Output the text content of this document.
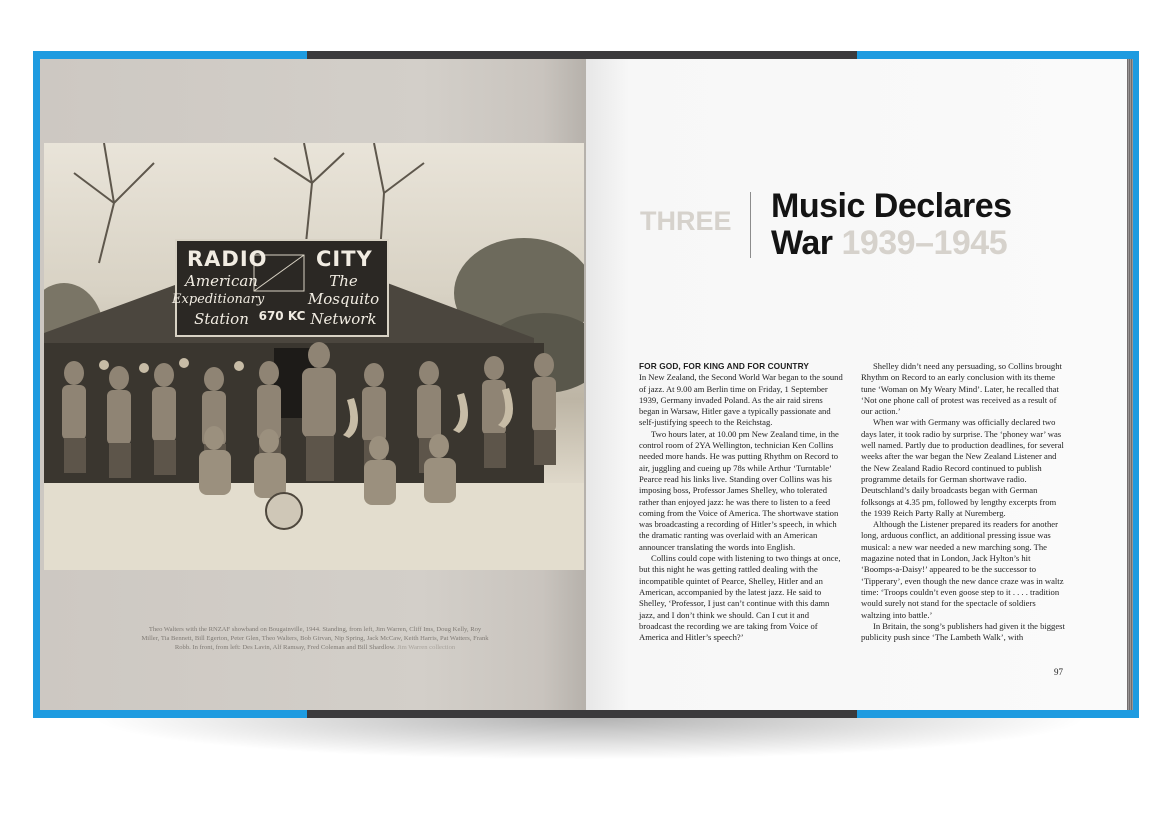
RADIO CITY
American
Expeditionary
Station
The
Mosquito
Network
670 KC
Theo Walters with the RNZAF showband on Bougainville, 1944. Standing, from left, Jim Warren, Cliff Ims, Doug Kelly, Roy Miller, Tia Bennett, Bill Egerton, Peter Glen, Theo Walters, Bob Girvan, Nip Spring, Jack McCaw, Keith Harris, Pat Watters, Frank Robb. In front, from left: Des Lavin, Alf Ramsay, Fred Coleman and Bill Shardlow. Jim Warren collection
THREE Music Declares
War 1939–1945

FOR GOD, FOR KING AND FOR COUNTRY

In New Zealand, the Second World War began to the sound of jazz. At 9.00 am Berlin time on Friday, 1 September 1939, Germany invaded Poland. As the air raid sirens began in Warsaw, Hitler gave a typically passionate and self-justifying speech to the Reichstag.

Two hours later, at 10.00 pm New Zealand time, in the control room of 2YA Wellington, technician Ken Collins needed more hands. He was putting Rhythm on Record to air, juggling and cueing up 78s while Arthur ‘Turntable’ Pearce read his links live. Standing over Collins was his imposing boss, Professor James Shelley, who tolerated rather than enjoyed jazz: he was there to listen to a feed coming from the Voice of America. The shortwave station was broadcasting a recording of Hitler’s speech, in which the dramatic ranting was overlaid with an American announcer translating the words into English.

Collins could cope with listening to two things at once, but this night he was getting rattled dealing with the incompatible quintet of Pearce, Shelley, Hitler and an American, accompanied by the latest jazz. He said to Shelley, ‘Professor, I just can’t continue with this damn jazz, and I don’t think we should. Can I cut it and broadcast the recording we are taking from Voice of America and Hitler’s speech?’

Shelley didn’t need any persuading, so Collins brought Rhythm on Record to an early conclusion with its theme tune ‘Woman on My Weary Mind’. Later, he recalled that ‘Not one phone call of protest was received as a result of our action.’

When war with Germany was officially declared two days later, it took radio by surprise. The ‘phoney war’ was well named. Partly due to production deadlines, for several weeks after the war began the New Zealand Listener and the New Zealand Radio Record continued to publish programme details for German shortwave radio. Deutschland’s daily broadcasts began with German folksongs at 4.35 pm, followed by lengthy excerpts from the 1939 Reich Party Rally at Nuremberg.

Although the Listener prepared its readers for another long, arduous conflict, an additional pressing issue was musical: a new war needed a new marching song. The magazine noted that in London, Jack Hylton’s hit ‘Boomps-a-Daisy!’ appeared to be the successor to ‘Tipperary’, even though the new dance craze was in waltz time: ‘Troops couldn’t even goose step to it . . . . tradition would surely not stand for the spectacle of soldiers waltzing into battle.’

In Britain, the song’s publishers had given it the biggest publicity push since ‘The Lambeth Walk’, with

97
